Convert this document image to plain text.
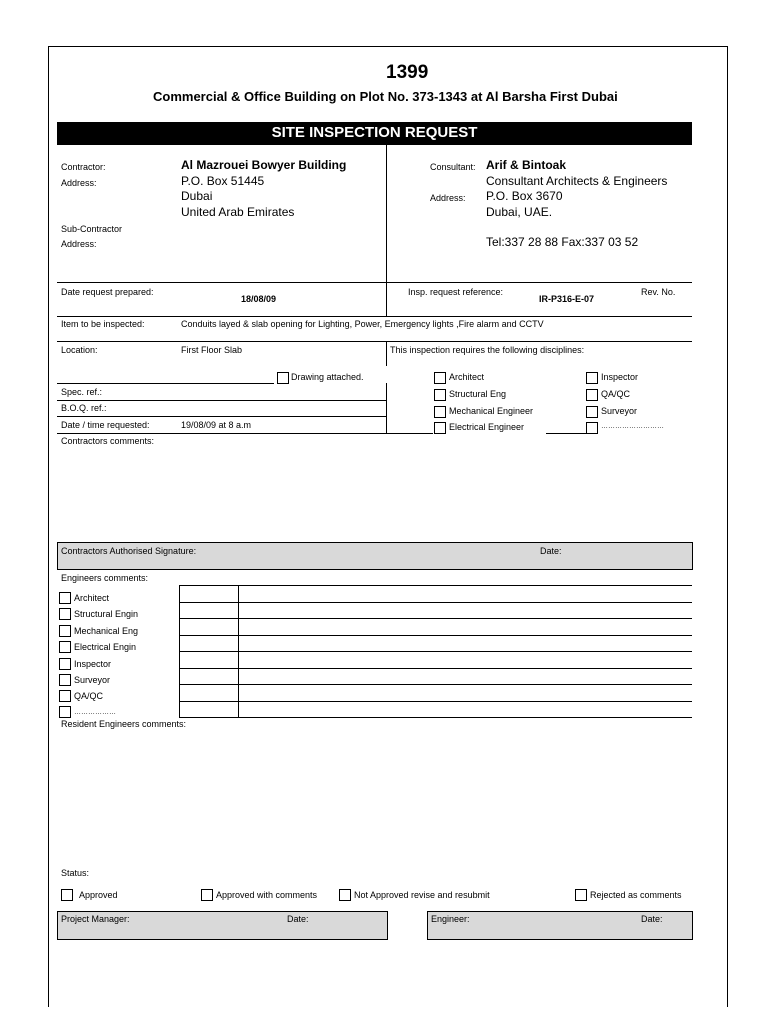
1399
Commercial & Office Building on Plot No. 373-1343 at Al Barsha First Dubai
SITE INSPECTION REQUEST
Contractor:	Al Mazrouei Bowyer Building
Address:	P.O. Box 51445
Dubai
United Arab Emirates
Sub-Contractor
Address:
Consultant: Arif & Bintoak
Consultant Architects & Engineers
Address: P.O. Box 3670
Dubai, UAE.
Tel:337 28 88 Fax:337 03 52
Date request prepared:
18/08/09
Insp. request reference:
IR-P316-E-07
Rev. No.
Item to be inspected:	Conduits layed & slab opening for Lighting, Power, Emergency lights ,Fire alarm and CCTV
Location:	First Floor Slab	This inspection requires the following disciplines:
Drawing attached.
Spec. ref.:
B.O.Q. ref.:
Date / time requested:	19/08/09 at 8 a.m
Architect
Structural Eng
Mechanical Engineer
Electrical Engineer
Inspector
QA/QC
Surveyor
………………………
Contractors comments:
Contractors Authorised Signature:	Date:
Engineers comments:
Architect
Structural Engin
Mechanical Eng
Electrical Engin
Inspector
Surveyor
QA/QC
………………
Resident Engineers comments:
Status:
Approved	Approved with comments	Not Approved revise and resubmit	Rejected as comments
Project Manager:	Date:	Engineer:	Date:
